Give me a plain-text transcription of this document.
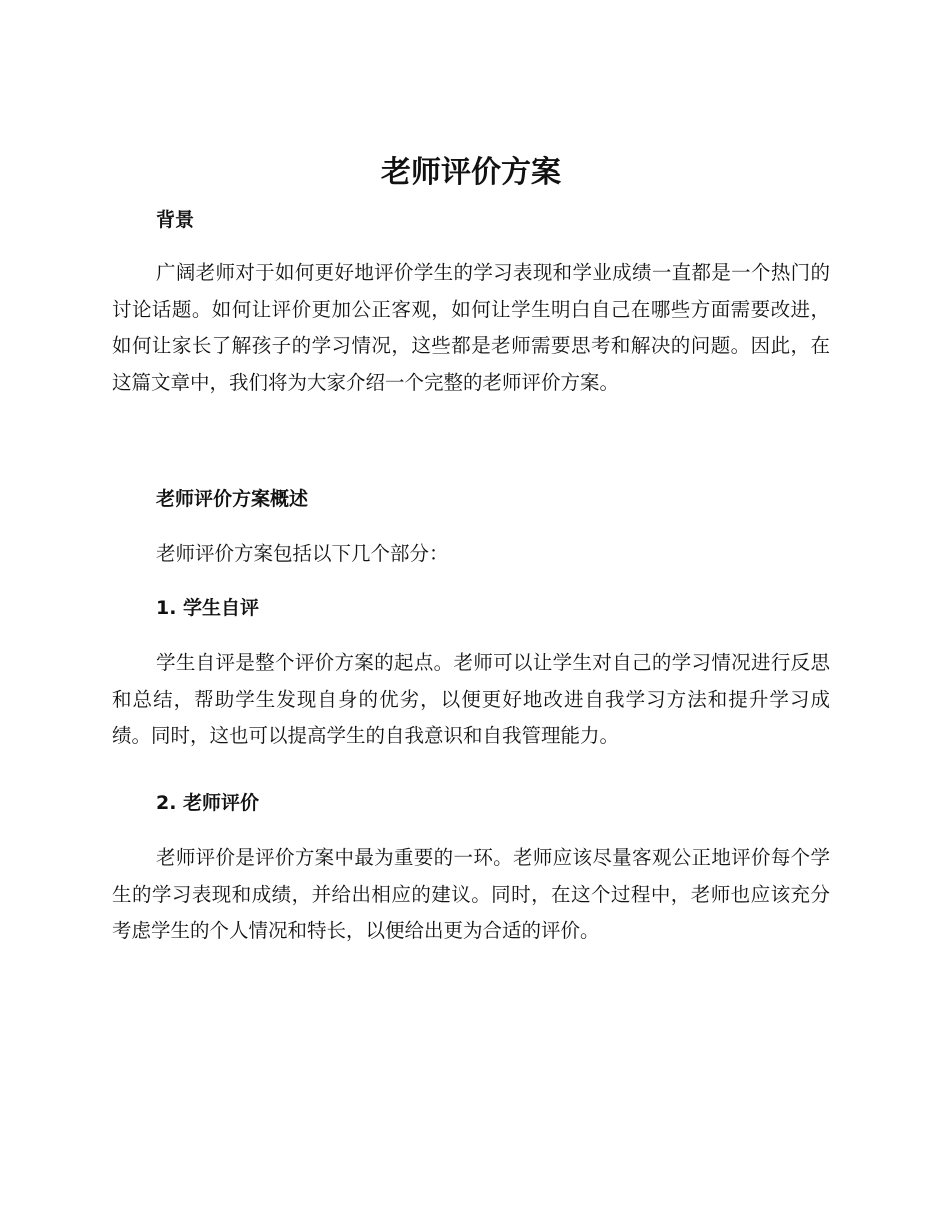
老师评价方案
背景

广阔老师对于如何更好地评价学生的学习表现和学业成绩一直都是一个热门的讨论话题。如何让评价更加公正客观，如何让学生明白自己在哪些方面需要改进，如何让家长了解孩子的学习情况，这些都是老师需要思考和解决的问题。因此，在这篇文章中，我们将为大家介绍一个完整的老师评价方案。

老师评价方案概述

老师评价方案包括以下几个部分：

1. 学生自评

学生自评是整个评价方案的起点。老师可以让学生对自己的学习情况进行反思和总结，帮助学生发现自身的优劣，以便更好地改进自我学习方法和提升学习成绩。同时，这也可以提高学生的自我意识和自我管理能力。

2. 老师评价

老师评价是评价方案中最为重要的一环。老师应该尽量客观公正地评价每个学生的学习表现和成绩，并给出相应的建议。同时，在这个过程中，老师也应该充分考虑学生的个人情况和特长，以便给出更为合适的评价。
